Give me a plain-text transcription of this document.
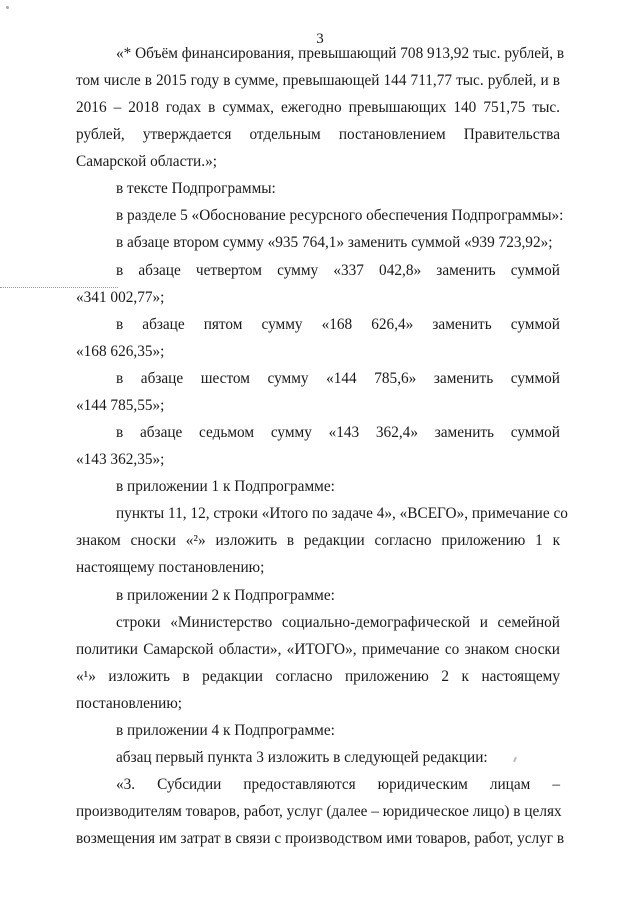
3
«* Объём финансирования, превышающий 708 913,92 тыс. рублей, в
том числе в 2015 году в сумме, превышающей 144 711,77 тыс. рублей, и в
2016 – 2018 годах в суммах, ежегодно превышающих 140 751,75 тыс.
рублей, утверждается отдельным постановлением Правительства
Самарской области.»;
в тексте Подпрограммы:
в разделе 5 «Обоснование ресурсного обеспечения Подпрограммы»:
в абзаце втором сумму «935 764,1» заменить суммой «939 723,92»;
в абзаце четвертом сумму «337 042,8» заменить суммой
«341 002,77»;
в абзаце пятом сумму «168 626,4» заменить суммой
«168 626,35»;
в абзаце шестом сумму «144 785,6» заменить суммой
«144 785,55»;
в абзаце седьмом сумму «143 362,4» заменить суммой
«143 362,35»;
в приложении 1 к Подпрограмме:
пункты 11, 12, строки «Итого по задаче 4», «ВСЕГО», примечание со
знаком сноски «²» изложить в редакции согласно приложению 1 к
настоящему постановлению;
в приложении 2 к Подпрограмме:
строки «Министерство социально-демографической и семейной
политики Самарской области», «ИТОГО», примечание со знаком сноски
«¹» изложить в редакции согласно приложению 2 к настоящему
постановлению;
в приложении 4 к Подпрограмме:
абзац первый пункта 3 изложить в следующей редакции:
«3. Субсидии предоставляются юридическим лицам –
производителям товаров, работ, услуг (далее – юридическое лицо) в целях
возмещения им затрат в связи с производством ими товаров, работ, услуг в
